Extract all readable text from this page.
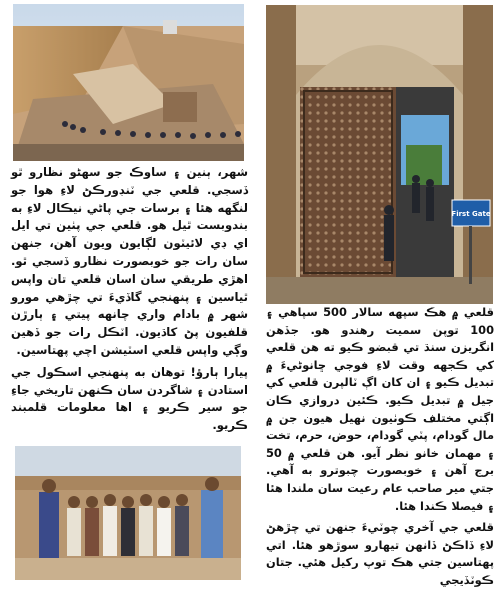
First Gate

شهر، ٻنين ۽ ساوڪ جو سهڻو نظارو ٿو ڏسجي. قلعي جي ٽنڊورڪڻ لاءِ هوا جو لنگهه هئا ۽ برسات جي پاڻي نيڪال لاءِ به بندوبست ٿيل هو. قلعي جي پٺين تي ايل اي ڊي لائيٽون لڳايون ويون آهن، جنهن سان رات جو خوبصورت نظارو ڏسجي ٿو. اهڙي طريقي سان اسان قلعي تان واپس ٿياسين ۽ پنهنجي گاڏيءَ تي چڙهي مورو شهر ۾ بادام واري چانهه پيتي ۽ ٻارڙن قلفيون پڻ کاڌيون. اٽڪل رات جو ڏهين وڳي واپس قلعي اسٽيشن اچي پهتاسين.

پيارا ٻارؤ! توهان به پنهنجي اسڪول جي استادن ۽ شاگردن سان ڪنهن تاريخي جاءِ جو سير ڪريو ۽ اها معلومات قلمبند ڪريو.

قلعي ۾ هڪ سپهه سالار 500 سپاهي ۽ 100 توپن سميت رهندو هو. جڏهن انگريزن سنڌ تي قبضو ڪيو ته هن قلعي کي ڪجهه وقت لاءِ فوجي ڇانوڻيءَ ۾ تبديل ڪيو ۽ ان کان اڳ ٽالپرن قلعي کي جيل ۾ تبديل ڪيو. ڪئين دروازي ڪان اڳتي مختلف ڪوٺيون نهيل هيون جن ۾ مال گودام، پٽي گودام، حوض، حرم، تخت ۽ مهمان خانو نظر آيو. هن قلعي ۾ 50 برج آهن ۽ خوبصورت چبوترو به آهي. جتي مير صاحب عام رعيت سان ملندا هئا ۽ فيصلا ڪندا هئا.

قلعي جي آخري چوٽيءَ جنهن تي چڙهڻ لاءِ ڏاڪڻ ڏانهن تيهارو سوڙهو هئا. اتي پهتاسين جتي هڪ توپ رکيل هئي. جتان ڪوٽڏيجي
